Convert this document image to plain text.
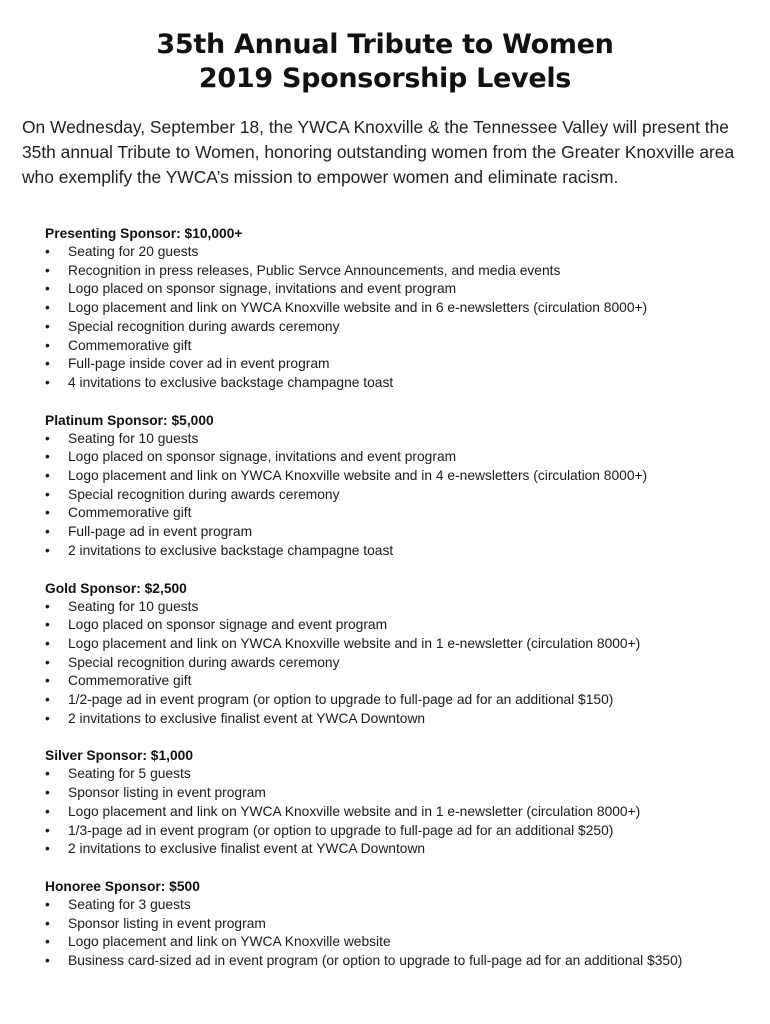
35th Annual Tribute to Women
2019 Sponsorship Levels

On Wednesday, September 18, the YWCA Knoxville & the Tennessee Valley will present the 35th annual Tribute to Women, honoring outstanding women from the Greater Knoxville area who exemplify the YWCA’s mission to empower women and eliminate racism.

Presenting Sponsor: $10,000+
•	Seating for 20 guests
•	Recognition in press releases, Public Servce Announcements, and media events
•	Logo placed on sponsor signage, invitations and event program
•	Logo placement and link on YWCA Knoxville website and in 6 e-newsletters (circulation 8000+)
•	Special recognition during awards ceremony
•	Commemorative gift
•	Full-page inside cover ad in event program
•	4 invitations to exclusive backstage champagne toast
Platinum Sponsor: $5,000
•	Seating for 10 guests
•	Logo placed on sponsor signage, invitations and event program
•	Logo placement and link on YWCA Knoxville website and in 4 e-newsletters (circulation 8000+)
•	Special recognition during awards ceremony
•	Commemorative gift
•	Full-page ad in event program
•	2 invitations to exclusive backstage champagne toast
Gold Sponsor: $2,500
•	Seating for 10 guests
•	Logo placed on sponsor signage and event program
•	Logo placement and link on YWCA Knoxville website and in 1 e-newsletter (circulation 8000+)
•	Special recognition during awards ceremony
•	Commemorative gift
•	1/2-page ad in event program (or option to upgrade to full-page ad for an additional $150)
•	2 invitations to exclusive finalist event at YWCA Downtown
Silver Sponsor: $1,000
•	Seating for 5 guests
•	Sponsor listing in event program
•	Logo placement and link on YWCA Knoxville website and in 1 e-newsletter (circulation 8000+)
•	1/3-page ad in event program (or option to upgrade to full-page ad for an additional $250)
•	2 invitations to exclusive finalist event at YWCA Downtown
Honoree Sponsor: $500
•	Seating for 3 guests
•	Sponsor listing in event program
•	Logo placement and link on YWCA Knoxville website
•	Business card-sized ad in event program (or option to upgrade to full-page ad for an additional $350)
